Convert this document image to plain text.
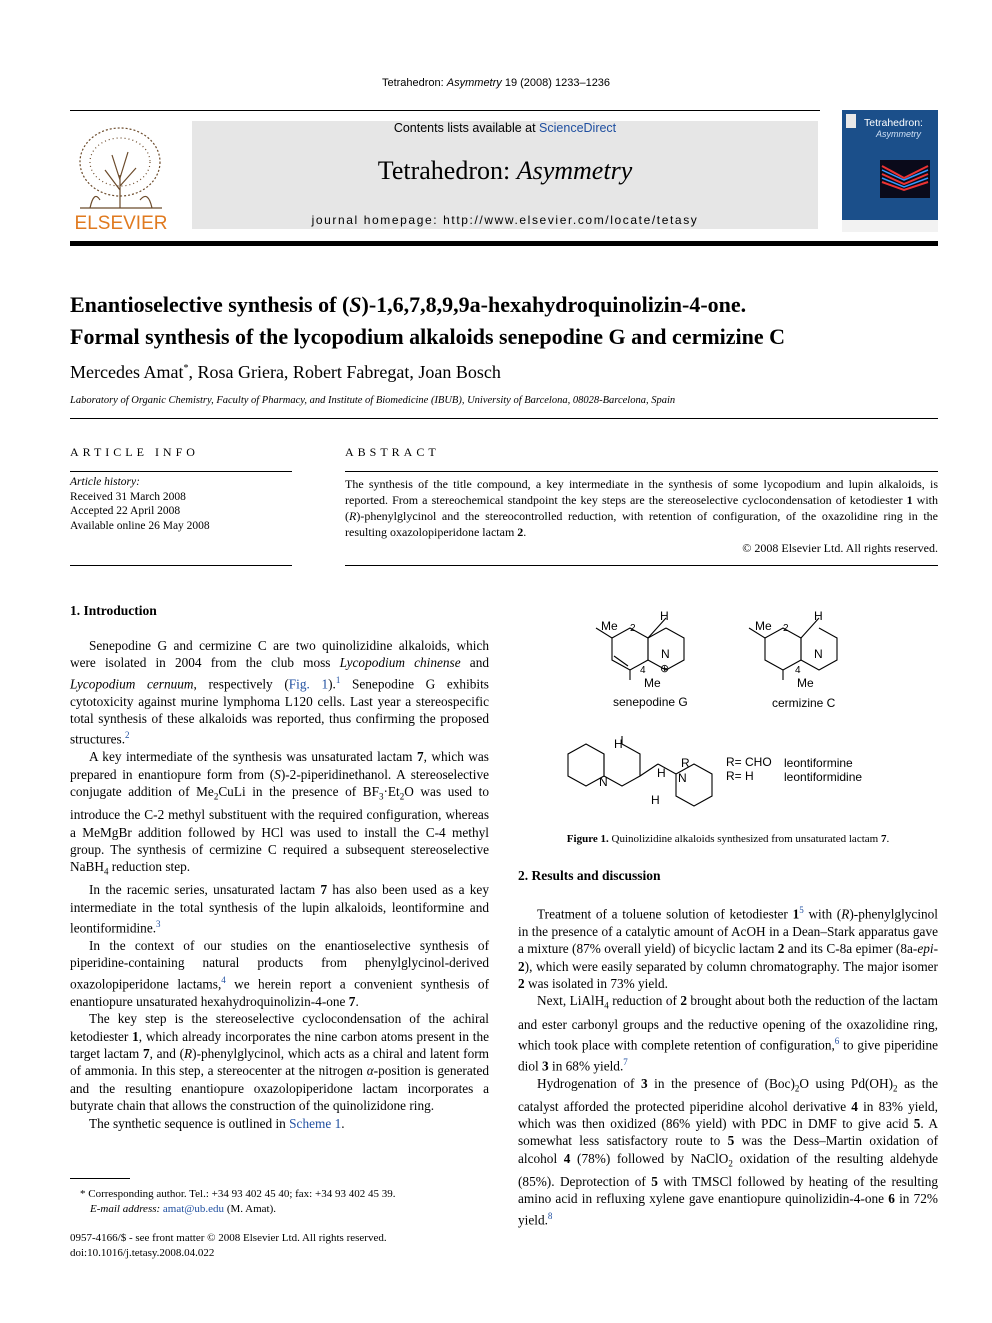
Tetrahedron: Asymmetry 19 (2008) 1233–1236
ELSEVIER
Contents lists available at ScienceDirect
Tetrahedron: Asymmetry
journal homepage: http://www.elsevier.com/locate/tetasy
Tetrahedron:
Asymmetry
Enantioselective synthesis of (S)-1,6,7,8,9,9a-hexahydroquinolizin-4-one.
Formal synthesis of the lycopodium alkaloids senepodine G and cermizine C
Mercedes Amat*, Rosa Griera, Robert Fabregat, Joan Bosch
Laboratory of Organic Chemistry, Faculty of Pharmacy, and Institute of Biomedicine (IBUB), University of Barcelona, 08028-Barcelona, Spain
ARTICLE INFO
Article history:
Received 31 March 2008
Accepted 22 April 2008
Available online 26 May 2008
ABSTRACT
The synthesis of the title compound, a key intermediate in the synthesis of some lycopodium and lupin alkaloids, is reported. From a stereochemical standpoint the key steps are the stereoselective cyclocondensation of ketodiester 1 with (R)-phenylglycinol and the stereocontrolled reduction, with retention of configuration, of the oxazolidine ring in the resulting oxazolopiperidone lactam 2.
© 2008 Elsevier Ltd. All rights reserved.
1. Introduction

Senepodine G and cermizine C are two quinolizidine alkaloids, which were isolated in 2004 from the club moss Lycopodium chinense and Lycopodium cernuum, respectively (Fig. 1).$^1$ Senepodine G exhibits cytotoxicity against murine lymphoma L120 cells. Last year a stereospecific total synthesis of these alkaloids was reported, thus confirming the proposed structures.$^2$

A key intermediate of the synthesis was unsaturated lactam 7, which was prepared in enantiopure form from (S)-2-piperidinethanol. A stereoselective conjugate addition of $Me_2CuLi$ in the presence of $BF_3\cdot Et_2O$ was used to introduce the C-2 methyl substituent with the required configuration, whereas a MeMgBr addition followed by HCl was used to install the C-4 methyl group. The synthesis of cermizine C required a subsequent stereoselective NaBH$_4$ reduction step.

In the racemic series, unsaturated lactam 7 has also been used as a key intermediate in the total synthesis of the lupin alkaloids, leontiformine and leontiformidine.$^3$

In the context of our studies on the enantioselective synthesis of piperidine-containing natural products from phenylglycinol-derived oxazolopiperidone lactams,$^4$ we herein report a convenient synthesis of enantiopure unsaturated hexahydroquinolizin-4-one 7.

The key step is the stereoselective cyclocondensation of the achiral ketodiester 1, which already incorporates the nine carbon atoms present in the target lactam 7, and (R)-phenylglycinol, which acts as a chiral and latent form of ammonia. In this step, a stereocenter at the nitrogen α-position is generated and the resulting enantiopure oxazolopiperidone lactam incorporates a butyrate chain that allows the construction of the quinolizidone ring.

The synthetic sequence is outlined in Scheme 1.

* Corresponding author. Tel.: +34 93 402 45 40; fax: +34 93 402 45 39.
E-mail address: amat@ub.edu (M. Amat).
0957-4166/$ - see front matter © 2008 Elsevier Ltd. All rights reserved.
doi:10.1016/j.tetasy.2008.04.022
Me 2
H
N
⊕
4
Me
senepodine G
Me 2
H
N
4
Me
cermizine C
H
N
H
H
R
N
R= CHO leontiformine
R= H	leontiformidine
Figure 1. Quinolizidine alkaloids synthesized from unsaturated lactam 7.
2. Results and discussion

Treatment of a toluene solution of ketodiester 1$^5$ with (R)-phenylglycinol in the presence of a catalytic amount of AcOH in a Dean–Stark apparatus gave a mixture (87% overall yield) of bicyclic lactam 2 and its C-8a epimer (8a-epi-2), which were easily separated by column chromatography. The major isomer 2 was isolated in 73% yield.

Next, LiAlH$_4$ reduction of 2 brought about both the reduction of the lactam and ester carbonyl groups and the reductive opening of the oxazolidine ring, which took place with complete retention of configuration,$^6$ to give piperidine diol 3 in 68% yield.$^7$

Hydrogenation of 3 in the presence of $(Boc)_2O$ using $Pd(OH)_2$ as the catalyst afforded the protected piperidine alcohol derivative 4 in 83% yield, which was then oxidized (86% yield) with PDC in DMF to give acid 5. A somewhat less satisfactory route to 5 was the Dess–Martin oxidation of alcohol 4 (78%) followed by NaClO$_2$ oxidation of the resulting aldehyde (85%). Deprotection of 5 with TMSCl followed by heating of the resulting amino acid in refluxing xylene gave enantiopure quinolizidin-4-one 6 in 72% yield.$^8$
